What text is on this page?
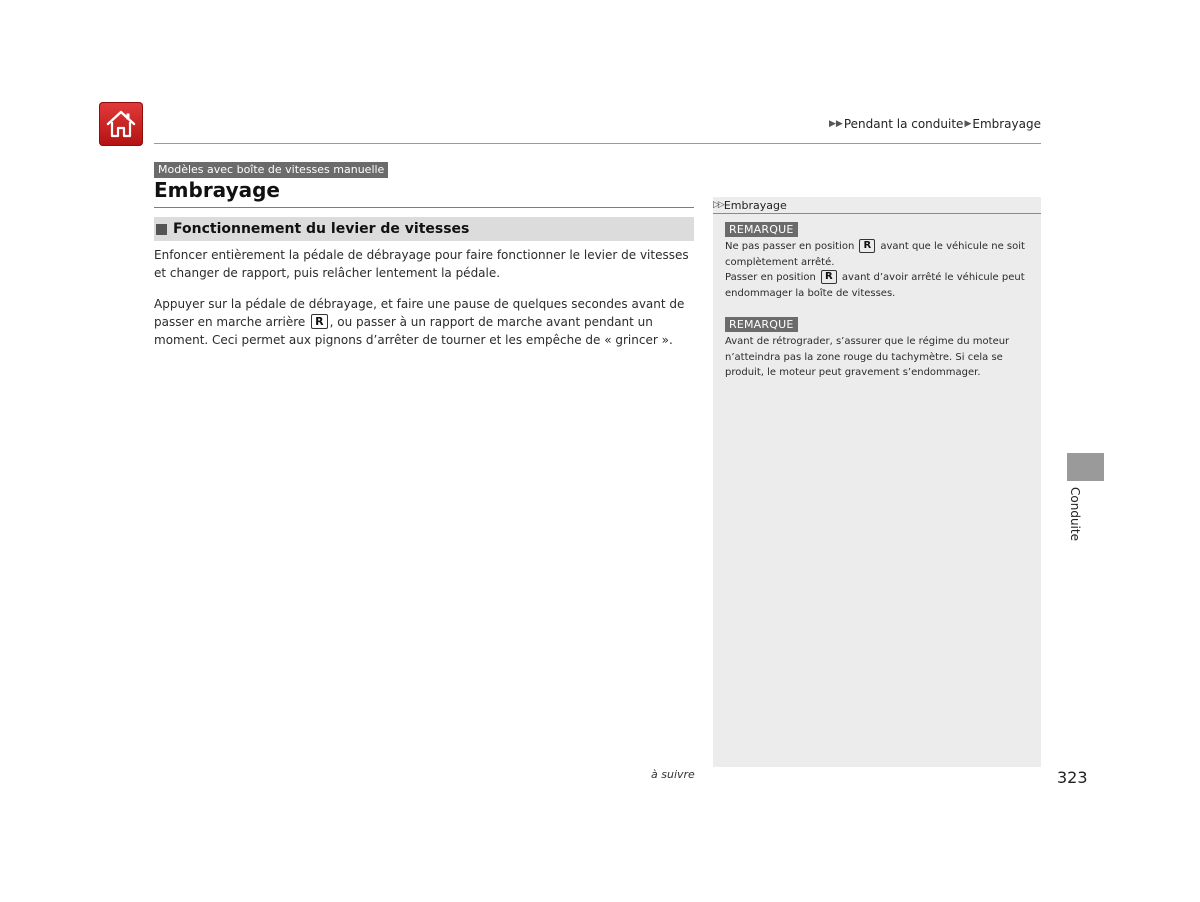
▶▶ Pendant la conduite ▶ Embrayage
Modèles avec boîte de vitesses manuelle
Embrayage
Fonctionnement du levier de vitesses

Enfoncer entièrement la pédale de débrayage pour faire fonctionner le levier de vitesses et changer de rapport, puis relâcher lentement la pédale.

Appuyer sur la pédale de débrayage, et faire une pause de quelques secondes avant de passer en marche arrière R , ou passer à un rapport de marche avant pendant un moment. Ceci permet aux pignons d’arrêter de tourner et les empêche de « grincer ».

▷▷ Embrayage
REMARQUE

Ne pas passer en position R avant que le véhicule ne soit complètement arrêté.
Passer en position R avant d’avoir arrêté le véhicule peut endommager la boîte de vitesses.

REMARQUE

Avant de rétrograder, s’assurer que le régime du moteur n’atteindra pas la zone rouge du tachymètre. Si cela se produit, le moteur peut gravement s’endommager.

à suivre	323
Conduite
